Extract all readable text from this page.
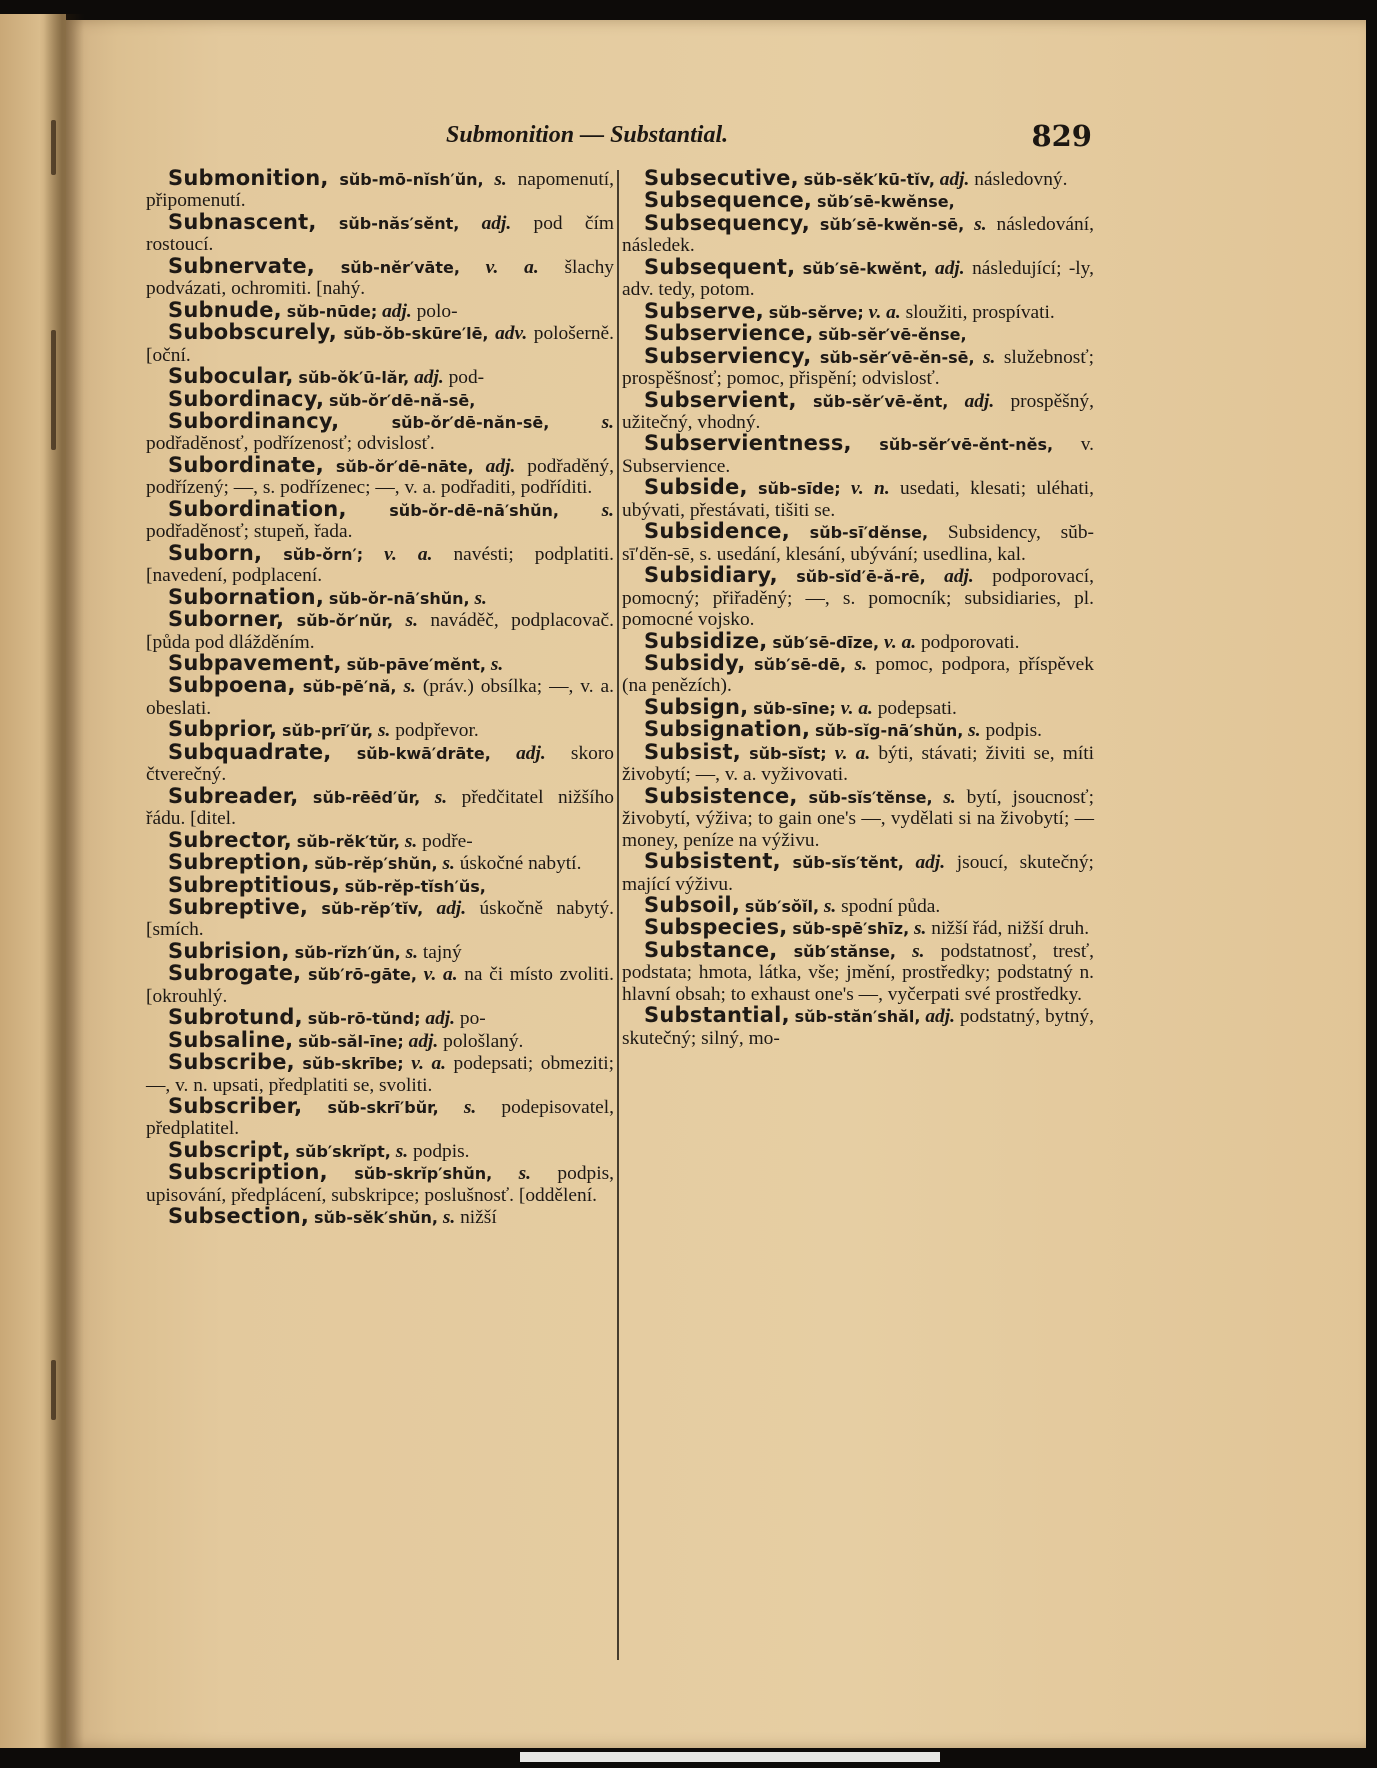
Submonition — Substantial.	829
Submonition, sŭb-mō-nĭsh′ŭn, s. napomenutí, připomenutí.
Subnascent, sŭb-năs′sĕnt, adj. pod čím rostoucí.
Subnervate, sŭb-nĕr′vāte, v. a. šlachy podvázati, ochromiti. [nahý.
Subnude, sŭb-nūde; adj. polo-
Subobscurely, sŭb-ŏb-skūre′lē, adv. pološerně. [oční.
Subocular, sŭb-ŏk′ū-lăr, adj. pod-
Subordinacy, sŭb-ŏr′dē-nă-sē,
Subordinancy,	sŭb-ŏr′dē-năn-sē,	s. podřadĕnosť, podřízenosť; odvislosť.
Subordinate, sŭb-ŏr′dē-nāte, adj. podřaděný, podřízený; —, s. podřízenec; —, v. a. podřaditi, podříditi.
Subordination,	sŭb-ŏr-dē-nā′shŭn, s. podřaděnosť; stupeň, řada.
Suborn, sŭb-ŏrn′; v. a. navésti; podplatiti. [navedení, podplacení.
Subornation, sŭb-ŏr-nā′shŭn, s.
Suborner, sŭb-ŏr′nŭr, s. naváděč, podplacovač. [půda pod dlážděním.
Subpavement, sŭb-pāve′mĕnt, s.
Subpoena, sŭb-pē′nă, s. (práv.) obsílka; —, v. a. obeslati.
Subprior, sŭb-prī′ŭr, s. podpřevor.
Subquadrate, sŭb-kwā′drāte, adj. skoro čtverečný.
Subreader, sŭb-rēēd′ŭr, s. předčitatel nižšího řádu. [ditel.
Subrector, sŭb-rĕk′tŭr, s. podře-
Subreption, sŭb-rĕp′shŭn, s. úskočné nabytí.
Subreptitious, sŭb-rĕp-tĭsh′ŭs,
Subreptive, sŭb-rĕp′tĭv, adj. úskočně nabytý. [smích.
Subrision, sŭb-rĭzh′ŭn, s. tajný
Subrogate, sŭb′rō-gāte, v. a. na či místo zvoliti. [okrouhlý.
Subrotund, sŭb-rō-tŭnd; adj. po-
Subsaline, sŭb-săl-īne; adj. pološlaný.
Subscribe, sŭb-skrībe; v. a. podepsati; obmeziti; —, v. n. upsati, předplatiti se, svoliti.
Subscriber, sŭb-skrī′bŭr, s. podepisovatel, předplatitel.
Subscript, sŭb′skrĭpt, s. podpis.
Subscription, sŭb-skrĭp′shŭn, s. podpis, upisování, předplácení, subskripce; poslušnosť. [oddělení.
Subsection, sŭb-sĕk′shŭn, s. nižší
Subsecutive, sŭb-sĕk′kū-tĭv, adj. následovný.
Subsequence, sŭb′sē-kwĕnse,
Subsequency, sŭb′sē-kwĕn-sē, s. následování, následek.
Subsequent, sŭb′sē-kwĕnt, adj. následující; -ly, adv. tedy, potom.
Subserve, sŭb-sĕrve; v. a. sloužiti, prospívati.
Subservience, sŭb-sĕr′vē-ĕnse,
Subserviency, sŭb-sĕr′vē-ĕn-sē, s. služebnosť; prospěšnosť; pomoc, přispění; odvislosť.
Subservient, sŭb-sĕr′vē-ĕnt, adj. prospěšný, užitečný, vhodný.
Subservientness, sŭb-sĕr′vē-ĕnt-nĕs, v. Subservience.
Subside, sŭb-sīde; v. n. usedati, klesati; uléhati, ubývati, přestávati, tišiti se.
Subsidence, sŭb-sī′dĕnse, Subsidency, sŭb-sī′dĕn-sē, s. usedání, klesání, ubývání; usedlina, kal.
Subsidiary, sŭb-sĭd′ē-ă-rē, adj. podporovací, pomocný; přiřaděný; —, s. pomocník; subsidiaries, pl. pomocné vojsko.
Subsidize, sŭb′sē-dīze, v. a. podporovati.
Subsidy, sŭb′sē-dē, s. pomoc, podpora, příspěvek (na penězích).
Subsign, sŭb-sīne; v. a. podepsati.
Subsignation, sŭb-sĭg-nā′shŭn, s. podpis.
Subsist, sŭb-sĭst; v. a. býti, stávati; živiti se, míti živobytí; —, v. a. vyživovati.
Subsistence, sŭb-sĭs′tĕnse, s. bytí, jsoucnosť; živobytí, výživa; to gain one's —, vydělati si na živobytí; — money, peníze na výživu.
Subsistent, sŭb-sĭs′tĕnt, adj. jsoucí, skutečný; mající výživu.
Subsoil, sŭb′sŏĭl, s. spodní půda.
Subspecies, sŭb-spē′shīz, s. nižší řád, nižší druh.
Substance, sŭb′stănse, s. podstatnosť, tresť, podstata; hmota, látka, vše; jmění, prostředky; podstatný n. hlavní obsah; to exhaust one's —, vyčerpati své prostředky.
Substantial, sŭb-stăn′shăl, adj. podstatný, bytný, skutečný; silný, mo-
